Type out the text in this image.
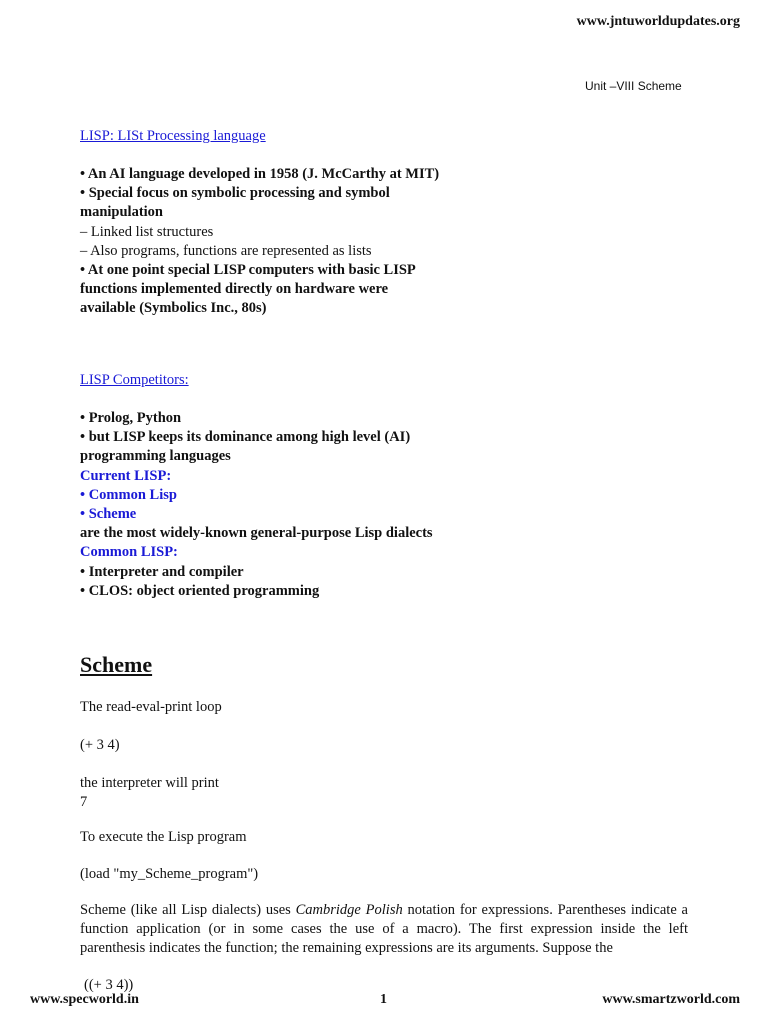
www.jntuworldupdates.org
Unit –VIII Scheme
LISP: LISt Processing language
• An AI language developed in 1958 (J. McCarthy at MIT)
• Special focus on symbolic processing and symbol
manipulation
– Linked list structures
– Also programs, functions are represented as lists
• At one point special LISP computers with basic LISP
functions implemented directly on hardware were
available (Symbolics Inc., 80s)
LISP Competitors:
• Prolog, Python
• but LISP keeps its dominance among high level (AI)
programming languages
Current LISP:
• Common Lisp
• Scheme
are the most widely-known general-purpose Lisp dialects
Common LISP:
• Interpreter and compiler
• CLOS: object oriented programming
Scheme
The read-eval-print loop
(+ 3 4)
the interpreter will print
7
To execute the Lisp program
(load "my_Scheme_program")
Scheme (like all Lisp dialects) uses Cambridge Polish notation for expressions. Parentheses indicate a function application (or in some cases the use of a macro). The first expression inside the left parenthesis indicates the function; the remaining expressions are its arguments. Suppose the
((+ 3 4))
www.specworld.in	1	www.smartzworld.com
